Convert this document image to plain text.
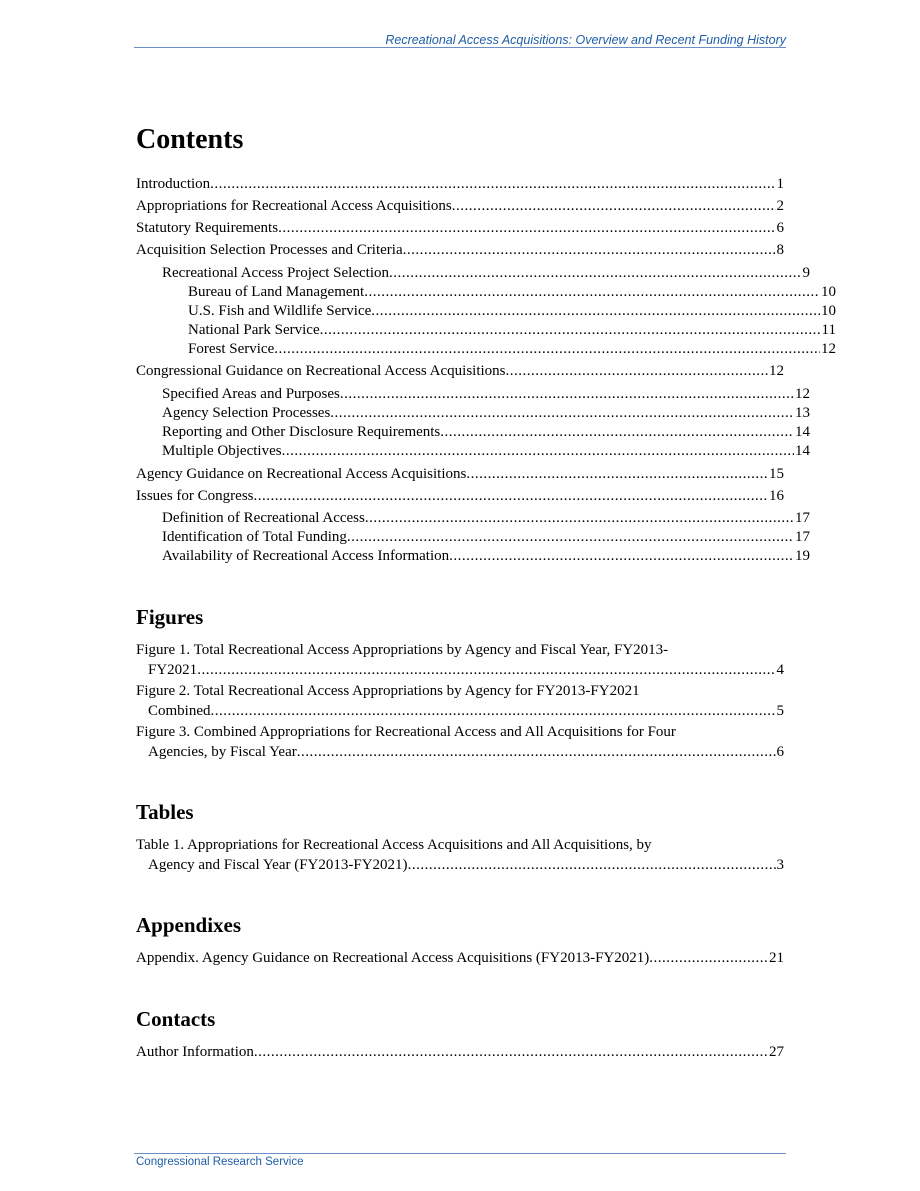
Recreational Access Acquisitions: Overview and Recent Funding History
Contents
Introduction .....	1
Appropriations for Recreational Access Acquisitions .....	2
Statutory Requirements .....	6
Acquisition Selection Processes and Criteria .....	8
Recreational Access Project Selection .....	9
Bureau of Land Management .....	10
U.S. Fish and Wildlife Service .....	10
National Park Service .....	11
Forest Service .....	12
Congressional Guidance on Recreational Access Acquisitions .....	12
Specified Areas and Purposes .....	12
Agency Selection Processes .....	13
Reporting and Other Disclosure Requirements .....	14
Multiple Objectives .....	14
Agency Guidance on Recreational Access Acquisitions .....	15
Issues for Congress .....	16
Definition of Recreational Access .....	17
Identification of Total Funding .....	17
Availability of Recreational Access Information .....	19
Figures
Figure 1. Total Recreational Access Appropriations by Agency and Fiscal Year, FY2013-
FY2021 .....	4
Figure 2. Total Recreational Access Appropriations by Agency for FY2013-FY2021
Combined .....	5
Figure 3. Combined Appropriations for Recreational Access and All Acquisitions for Four
Agencies, by Fiscal Year .....	6
Tables
Table 1. Appropriations for Recreational Access Acquisitions and All Acquisitions, by
Agency and Fiscal Year (FY2013-FY2021) .....	3
Appendixes
Appendix. Agency Guidance on Recreational Access Acquisitions (FY2013-FY2021) .....	21
Contacts
Author Information .....	27
Congressional Research Service
